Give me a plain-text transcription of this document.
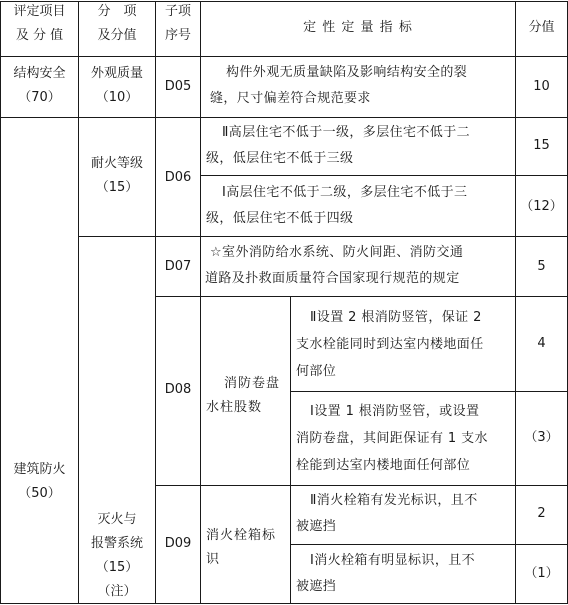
评定项目
及 分 值
分　项
及分值
子项
序号
定 性 定 量 指 标	分值
结构安全
（70）
外观质量
（10）
D05
构件外观无质量缺陷及影响结构安全的裂
缝，尺寸偏差符合规范要求
10
建筑防火
（50）
耐火等级
（15）
D06
Ⅱ高层住宅不低于一级，多层住宅不低于二
级，低层住宅不低于三级
15
Ⅰ高层住宅不低于二级，多层住宅不低于三
级，低层住宅不低于四级
（12）
D07
☆室外消防给水系统、防火间距、消防交通
道路及扑救面质量符合国家现行规范的规定
5
灭火与
报警系统
（15）
（注）
D08	消防卷盘
水柱股数
Ⅱ设置 2 根消防竖管，保证 2
支水栓能同时到达室内楼地面任
何部位
4
Ⅰ设置 1 根消防竖管，或设置
消防卷盘，其间距保证有 1 支水
栓能到达室内楼地面任何部位
（3）
D09
消火栓箱标
识
Ⅱ消火栓箱有发光标识，且不
被遮挡
2
Ⅰ消火栓箱有明显标识，且不
被遮挡
（1）
